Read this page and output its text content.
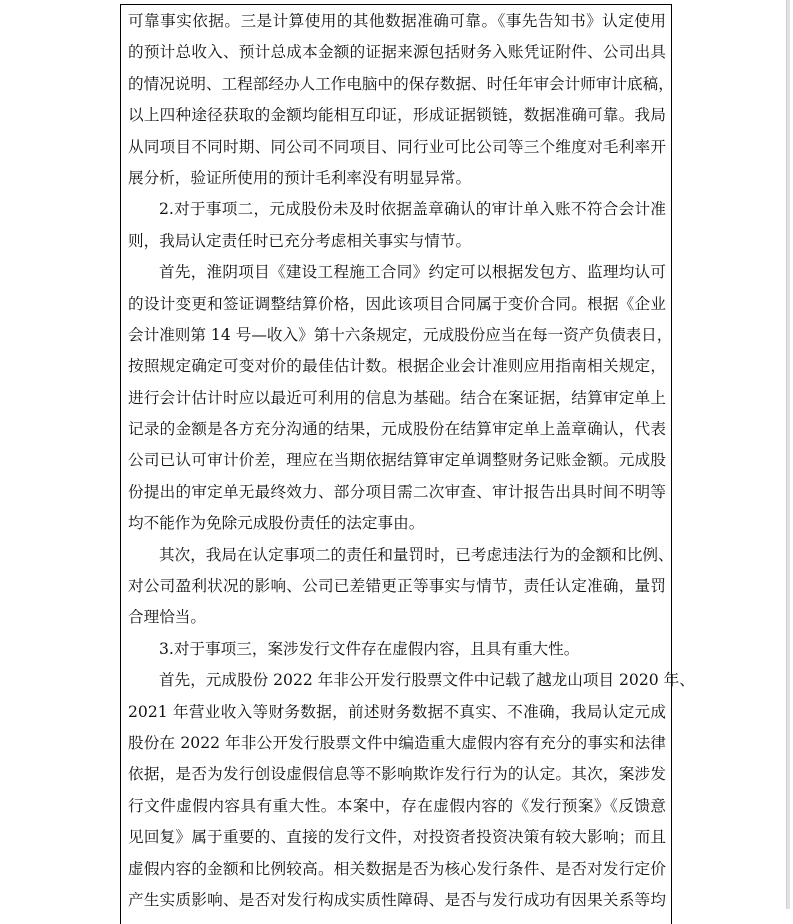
可靠事实依据。三是计算使用的其他数据准确可靠。《事先告知书》认定使用
的预计总收入、预计总成本金额的证据来源包括财务入账凭证附件、公司出具
的情况说明、工程部经办人工作电脑中的保存数据、时任年审会计师审计底稿，
以上四种途径获取的金额均能相互印证，形成证据锁链，数据准确可靠。我局
从同项目不同时期、同公司不同项目、同行业可比公司等三个维度对毛利率开
展分析，验证所使用的预计毛利率没有明显异常。
2.对于事项二，元成股份未及时依据盖章确认的审计单入账不符合会计准
则，我局认定责任时已充分考虑相关事实与情节。
首先，淮阴项目《建设工程施工合同》约定可以根据发包方、监理均认可
的设计变更和签证调整结算价格，因此该项目合同属于变价合同。根据《企业
会计准则第 14 号—收入》第十六条规定，元成股份应当在每一资产负债表日，
按照规定确定可变对价的最佳估计数。根据企业会计准则应用指南相关规定，
进行会计估计时应以最近可利用的信息为基础。结合在案证据，结算审定单上
记录的金额是各方充分沟通的结果，元成股份在结算审定单上盖章确认，代表
公司已认可审计价差，理应在当期依据结算审定单调整财务记账金额。元成股
份提出的审定单无最终效力、部分项目需二次审查、审计报告出具时间不明等
均不能作为免除元成股份责任的法定事由。
其次，我局在认定事项二的责任和量罚时，已考虑违法行为的金额和比例、
对公司盈利状况的影响、公司已差错更正等事实与情节，责任认定准确，量罚
合理恰当。
3.对于事项三，案涉发行文件存在虚假内容，且具有重大性。
首先，元成股份 2022 年非公开发行股票文件中记载了越龙山项目 2020 年、
2021 年营业收入等财务数据，前述财务数据不真实、不准确，我局认定元成
股份在 2022 年非公开发行股票文件中编造重大虚假内容有充分的事实和法律
依据，是否为发行创设虚假信息等不影响欺诈发行行为的认定。其次，案涉发
行文件虚假内容具有重大性。本案中，存在虚假内容的《发行预案》《反馈意
见回复》属于重要的、直接的发行文件，对投资者投资决策有较大影响；而且
虚假内容的金额和比例较高。相关数据是否为核心发行条件、是否对发行定价
产生实质影响、是否对发行构成实质性障碍、是否与发行成功有因果关系等均
